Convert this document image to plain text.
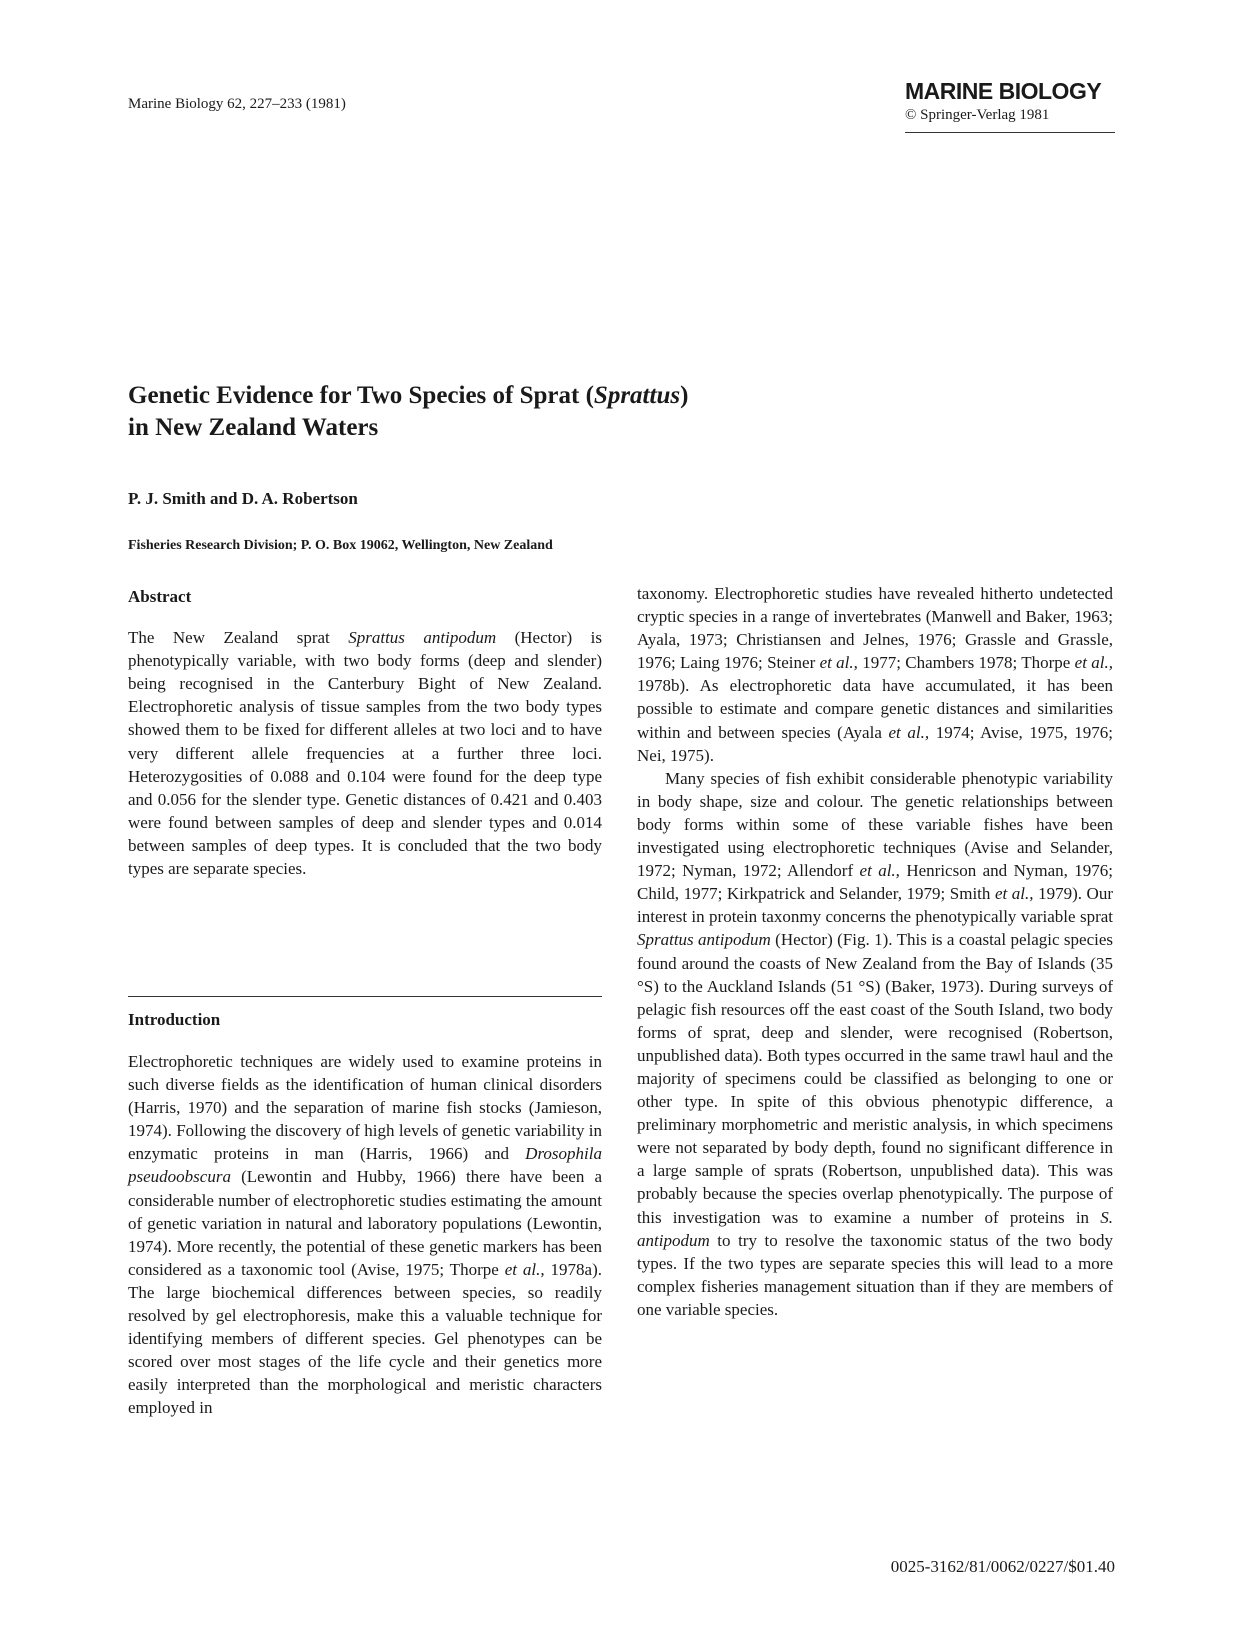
Marine Biology 62, 227–233 (1981)	MARINE BIOLOGY
© Springer-Verlag 1981
Genetic Evidence for Two Species of Sprat (Sprattus)
in New Zealand Waters
P. J. Smith and D. A. Robertson
Fisheries Research Division; P. O. Box 19062, Wellington, New Zealand
Abstract

The New Zealand sprat Sprattus antipodum (Hector) is phenotypically variable, with two body forms (deep and slender) being recognised in the Canterbury Bight of New Zealand. Electrophoretic analysis of tissue samples from the two body types showed them to be fixed for different alleles at two loci and to have very different allele frequencies at a further three loci. Heterozygosities of 0.088 and 0.104 were found for the deep type and 0.056 for the slender type. Genetic distances of 0.421 and 0.403 were found between samples of deep and slender types and 0.014 between samples of deep types. It is concluded that the two body types are separate species.

Introduction

Electrophoretic techniques are widely used to examine proteins in such diverse fields as the identification of human clinical disorders (Harris, 1970) and the separation of marine fish stocks (Jamieson, 1974). Following the discovery of high levels of genetic variability in enzymatic proteins in man (Harris, 1966) and Drosophila pseudoobscura (Lewontin and Hubby, 1966) there have been a considerable number of electrophoretic studies estimating the amount of genetic variation in natural and laboratory populations (Lewontin, 1974). More recently, the potential of these genetic markers has been considered as a taxonomic tool (Avise, 1975; Thorpe et al., 1978a). The large biochemical differences between species, so readily resolved by gel electrophoresis, make this a valuable technique for identifying members of different species. Gel phenotypes can be scored over most stages of the life cycle and their genetics more easily interpreted than the morphological and meristic characters employed in

taxonomy. Electrophoretic studies have revealed hitherto undetected cryptic species in a range of invertebrates (Manwell and Baker, 1963; Ayala, 1973; Christiansen and Jelnes, 1976; Grassle and Grassle, 1976; Laing 1976; Steiner et al., 1977; Chambers 1978; Thorpe et al., 1978b). As electrophoretic data have accumulated, it has been possible to estimate and compare genetic distances and similarities within and between species (Ayala et al., 1974; Avise, 1975, 1976; Nei, 1975).

Many species of fish exhibit considerable phenotypic variability in body shape, size and colour. The genetic relationships between body forms within some of these variable fishes have been investigated using electrophoretic techniques (Avise and Selander, 1972; Nyman, 1972; Allendorf et al., Henricson and Nyman, 1976; Child, 1977; Kirkpatrick and Selander, 1979; Smith et al., 1979). Our interest in protein taxonmy concerns the phenotypically variable sprat Sprattus antipodum (Hector) (Fig. 1). This is a coastal pelagic species found around the coasts of New Zealand from the Bay of Islands (35 °S) to the Auckland Islands (51 °S) (Baker, 1973). During surveys of pelagic fish resources off the east coast of the South Island, two body forms of sprat, deep and slender, were recognised (Robertson, unpublished data). Both types occurred in the same trawl haul and the majority of specimens could be classified as belonging to one or other type. In spite of this obvious phenotypic difference, a preliminary morphometric and meristic analysis, in which specimens were not separated by body depth, found no significant difference in a large sample of sprats (Robertson, unpublished data). This was probably because the species overlap phenotypically. The purpose of this investigation was to examine a number of proteins in S. antipodum to try to resolve the taxonomic status of the two body types. If the two types are separate species this will lead to a more complex fisheries management situation than if they are members of one variable species.

0025-3162/81/0062/0227/$01.40
